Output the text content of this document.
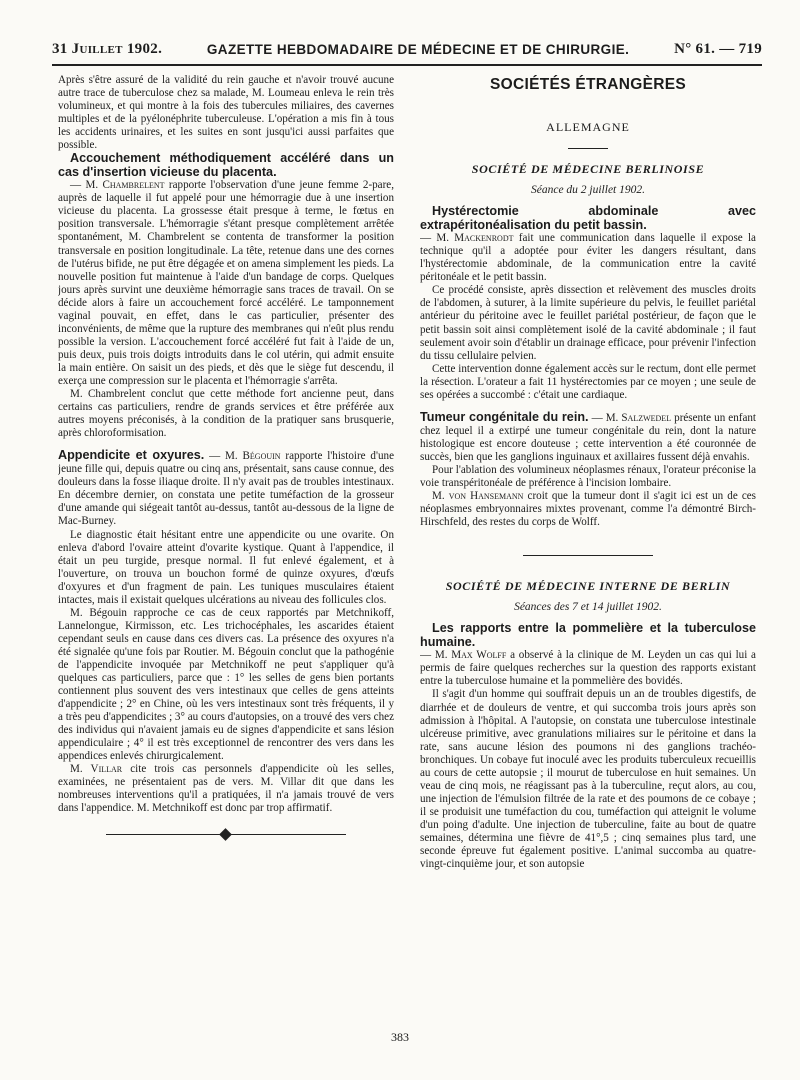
31 Juillet 1902.	GAZETTE HEBDOMADAIRE DE MÉDECINE ET DE CHIRURGIE.	N° 61. — 719

Après s'être assuré de la validité du rein gauche et n'avoir trouvé aucune autre trace de tuberculose chez sa malade, M. Loumeau enleva le rein très volumineux, et qui montre à la fois des tubercules miliaires, des cavernes multiples et de la pyélonéphrite tuberculeuse. L'opération a mis fin à tous les accidents urinaires, et les suites en sont jusqu'ici aussi parfaites que possible.

Accouchement méthodiquement accéléré dans un cas d'insertion vicieuse du placenta.

— M. Chambrelent rapporte l'observation d'une jeune femme 2-pare, auprès de laquelle il fut appelé pour une hémorragie due à une insertion vicieuse du placenta. La grossesse était presque à terme, le fœtus en position transversale. L'hémorragie s'étant presque complètement arrêtée spontanément, M. Chambrelent se contenta de transformer la position transversale en position longitudinale. La tête, retenue dans une des cornes de l'utérus bifide, ne put être dégagée et on amena simplement les pieds. La nouvelle position fut maintenue à l'aide d'un bandage de corps. Quelques jours après survint une deuxième hémorragie sans traces de travail. On se décide alors à faire un accouchement forcé accéléré. Le tamponnement vaginal pouvait, en effet, dans le cas particulier, présenter des inconvénients, de même que la rupture des membranes qui n'eût plus rendu possible la version. L'accouchement forcé accéléré fut fait à l'aide de un, puis deux, puis trois doigts introduits dans le col utérin, qui admit ensuite la main entière. On saisit un des pieds, et dès que le siège fut descendu, il exerça une compression sur le placenta et l'hémorragie s'arrêta.

M. Chambrelent conclut que cette méthode fort ancienne peut, dans certains cas particuliers, rendre de grands services et être préférée aux autres moyens préconisés, à la condition de la pratiquer sans brusquerie, après chloroformisation.

Appendicite et oxyures. — M. Bégouin rapporte l'histoire d'une jeune fille qui, depuis quatre ou cinq ans, présentait, sans cause connue, des douleurs dans la fosse iliaque droite. Il n'y avait pas de troubles intestinaux. En décembre dernier, on constata une petite tuméfaction de la grosseur d'une amande qui siégeait tantôt au-dessus, tantôt au-dessous de la ligne de Mac-Burney.

Le diagnostic était hésitant entre une appendicite ou une ovarite. On enleva d'abord l'ovaire atteint d'ovarite kystique. Quant à l'appendice, il était un peu turgide, presque normal. Il fut enlevé également, et à l'ouverture, on trouva un bouchon formé de quinze oxyures, d'œufs d'oxyures et d'un fragment de pain. Les tuniques musculaires étaient intactes, mais il existait quelques ulcérations au niveau des follicules clos.

M. Bégouin rapproche ce cas de ceux rapportés par Metchnikoff, Lannelongue, Kirmisson, etc. Les trichocéphales, les ascarides étaient cependant seuls en cause dans ces divers cas. La présence des oxyures n'a été signalée qu'une fois par Routier. M. Bégouin conclut que la pathogénie de l'appendicite invoquée par Metchnikoff ne peut s'appliquer qu'à quelques cas particuliers, parce que : 1° les selles de gens bien portants contiennent plus souvent des vers intestinaux que celles de gens atteints d'appendicite ; 2° en Chine, où les vers intestinaux sont très fréquents, il y a très peu d'appendicites ; 3° au cours d'autopsies, on a trouvé des vers chez des individus qui n'avaient jamais eu de signes d'appendicite et sans lésion appendiculaire ; 4° il est très exceptionnel de rencontrer des vers dans les appendices enlevés chirurgicalement.

M. Villar cite trois cas personnels d'appendicite où les selles, examinées, ne présentaient pas de vers. M. Villar dit que dans les nombreuses interventions qu'il a pratiquées, il n'a jamais trouvé de vers dans l'appendice. M. Metchnikoff est donc par trop affirmatif.

SOCIÉTÉS ÉTRANGÈRES
ALLEMAGNE
SOCIÉTÉ DE MÉDECINE BERLINOISE
Séance du 2 juillet 1902.

Hystérectomie abdominale avec extrapéritonéalisation du petit bassin.

— M. Mackenrodt fait une communication dans laquelle il expose la technique qu'il a adoptée pour éviter les dangers résultant, dans l'hystérectomie abdominale, de la communication entre la cavité péritonéale et le petit bassin.

Ce procédé consiste, après dissection et relèvement des muscles droits de l'abdomen, à suturer, à la limite supérieure du pelvis, le feuillet pariétal antérieur du péritoine avec le feuillet pariétal postérieur, de façon que le petit bassin soit ainsi complètement isolé de la cavité abdominale ; il faut seulement avoir soin d'établir un drainage efficace, pour prévenir l'infection du tissu cellulaire pelvien.

Cette intervention donne également accès sur le rectum, dont elle permet la résection. L'orateur a fait 11 hystérectomies par ce moyen ; une seule de ses opérées a succombé : c'était une cardiaque.

Tumeur congénitale du rein. — M. Salzwedel présente un enfant chez lequel il a extirpé une tumeur congénitale du rein, dont la nature histologique est encore douteuse ; cette intervention a été couronnée de succès, bien que les ganglions inguinaux et axillaires fussent déjà envahis.

Pour l'ablation des volumineux néoplasmes rénaux, l'orateur préconise la voie transpéritonéale de préférence à l'incision lombaire.

M. von Hansemann croit que la tumeur dont il s'agit ici est un de ces néoplasmes embryonnaires mixtes provenant, comme l'a démontré Birch-Hirschfeld, des restes du corps de Wolff.

SOCIÉTÉ DE MÉDECINE INTERNE DE BERLIN
Séances des 7 et 14 juillet 1902.

Les rapports entre la pommelière et la tuberculose humaine.

— M. Max Wolff a observé à la clinique de M. Leyden un cas qui lui a permis de faire quelques recherches sur la question des rapports existant entre la tuberculose humaine et la pommelière des bovidés.

Il s'agit d'un homme qui souffrait depuis un an de troubles digestifs, de diarrhée et de douleurs de ventre, et qui succomba trois jours après son admission à l'hôpital. A l'autopsie, on constata une tuberculose intestinale ulcéreuse primitive, avec granulations miliaires sur le péritoine et dans la rate, sans aucune lésion des poumons ni des ganglions trachéo-bronchiques. Un cobaye fut inoculé avec les produits tuberculeux recueillis au cours de cette autopsie ; il mourut de tuberculose en huit semaines. Un veau de cinq mois, ne réagissant pas à la tuberculine, reçut alors, au cou, une injection de l'émulsion filtrée de la rate et des poumons de ce cobaye ; il se produisit une tuméfaction du cou, tuméfaction qui atteignit le volume d'un poing d'adulte. Une injection de tuberculine, faite au bout de quatre semaines, détermina une fièvre de 41°,5 ; cinq semaines plus tard, une seconde épreuve fut également positive. L'animal succomba au quatre-vingt-cinquième jour, et son autopsie

383
